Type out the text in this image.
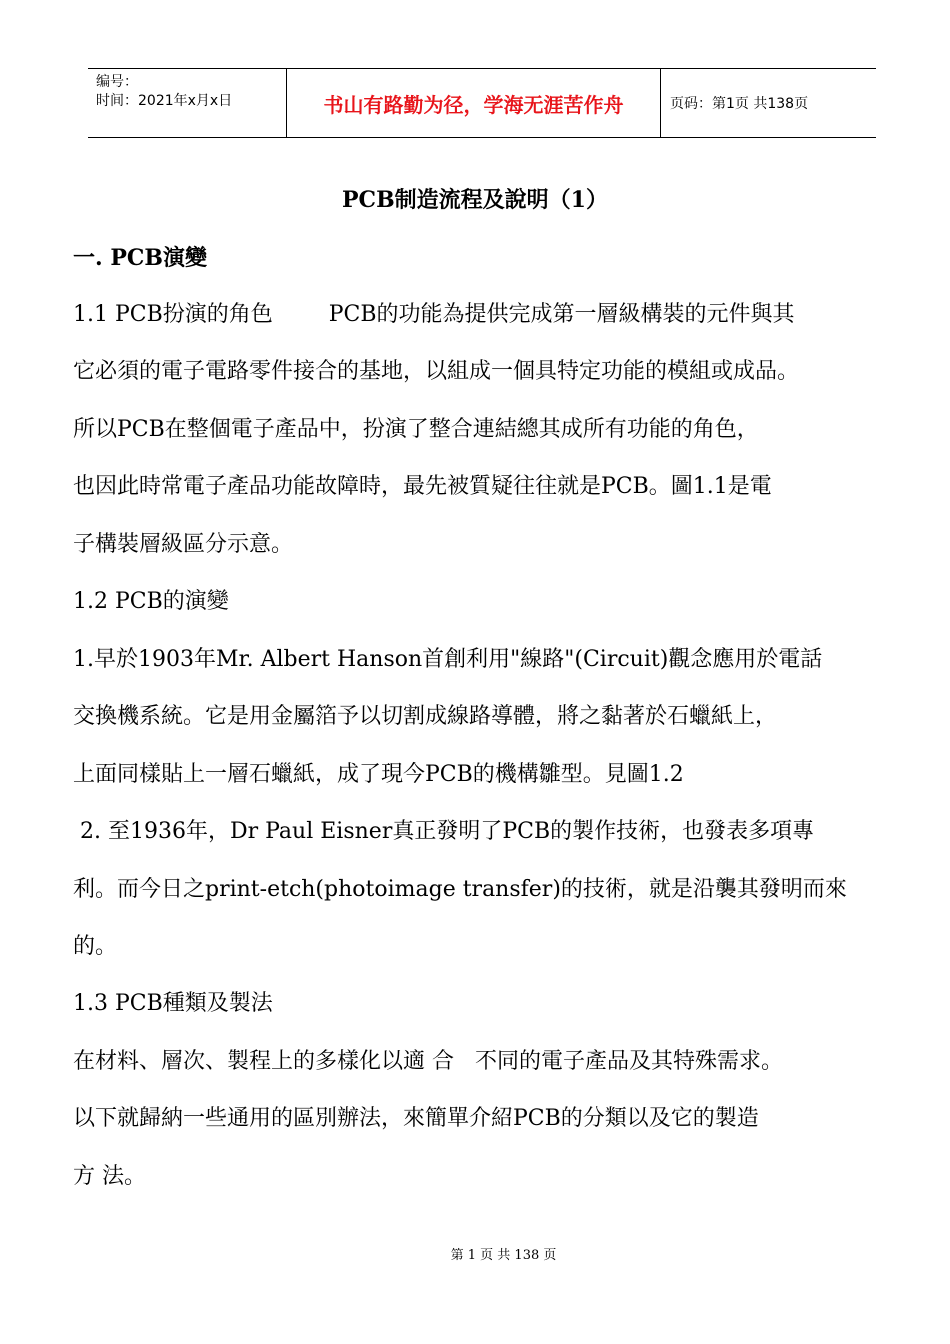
编号：
时间：2021年x月x日	书山有路勤为径，学海无涯苦作舟	页码：第1页 共138页
PCB制造流程及說明（1）
一. PCB演變
1.1 PCB扮演的角色        PCB的功能為提供完成第一層級構裝的元件與其
它必須的電子電路零件接合的基地，以組成一個具特定功能的模組或成品。
所以PCB在整個電子產品中，扮演了整合連結總其成所有功能的角色，
也因此時常電子產品功能故障時，最先被質疑往往就是PCB。圖1.1是電
子構裝層級區分示意。
1.2 PCB的演變
1.早於1903年Mr. Albert Hanson首創利用"線路"(Circuit)觀念應用於電話
交換機系統。它是用金屬箔予以切割成線路導體，將之黏著於石蠟紙上，
上面同樣貼上一層石蠟紙，成了現今PCB的機構雛型。見圖1.2
2. 至1936年，Dr Paul Eisner真正發明了PCB的製作技術，也發表多項專
利。而今日之print-etch(photoimage transfer)的技術，就是沿襲其發明而來
的。
1.3 PCB種類及製法
在材料、層次、製程上的多樣化以適 合   不同的電子產品及其特殊需求。
以下就歸納一些通用的區別辦法，來簡單介紹PCB的分類以及它的製造
方 法。
第 1 页 共 138 页
